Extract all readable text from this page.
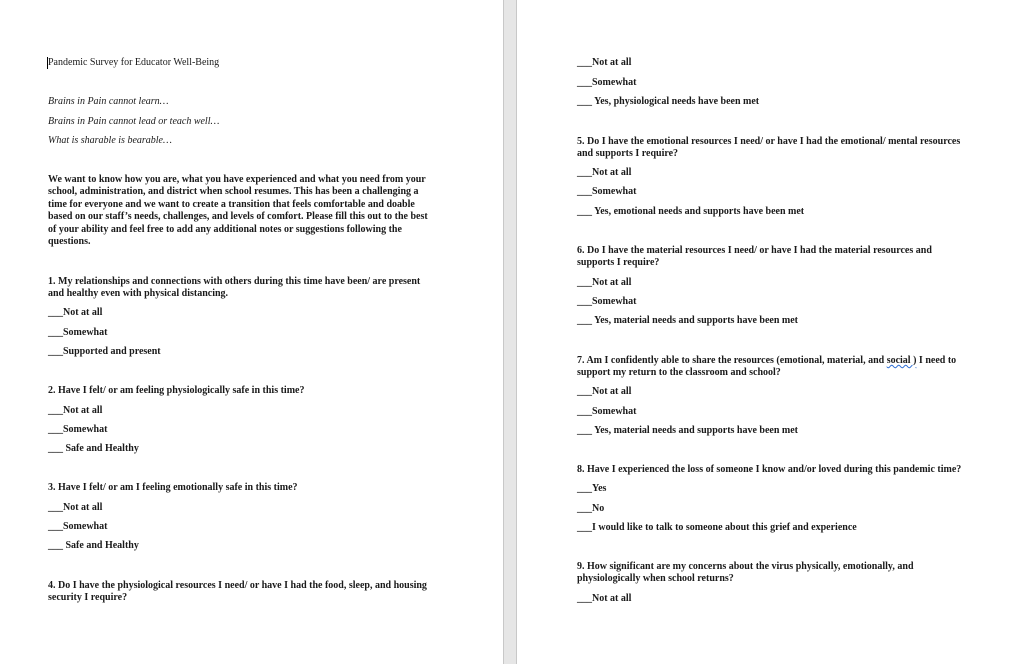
Pandemic Survey for Educator Well-Being
Brains in Pain cannot learn…
Brains in Pain cannot lead or teach well…
What is sharable is bearable…
We want to know how you are, what you have experienced and what you need from your
school, administration, and district when school resumes. This has been a challenging a
time for everyone and we want to create a transition that feels comfortable and doable
based on our staff’s needs, challenges, and levels of comfort. Please fill this out to the best
of your ability and feel free to add any additional notes or suggestions following the
questions.
1. My relationships and connections with others during this time have been/ are present
and healthy even with physical distancing.
___Not at all
___Somewhat
___Supported and present
2. Have I felt/ or am feeling physiologically safe in this time?
___Not at all
___Somewhat
___ Safe and Healthy
3. Have I felt/ or am I feeling emotionally safe in this time?
___Not at all
___Somewhat
___ Safe and Healthy
4. Do I have the physiological resources I need/ or have I had the food, sleep, and housing
security I require?
___Not at all
___Somewhat
___ Yes, physiological needs have been met
5. Do I have the emotional resources I need/ or have I had the emotional/ mental resources
and supports I require?
___Not at all
___Somewhat
___ Yes, emotional needs and supports have been met
6. Do I have the material resources I need/ or have I had the material resources and
supports I require?
___Not at all
___Somewhat
___ Yes, material needs and supports have been met
7. Am I confidently able to share the resources (emotional, material, and social ) I need to
support my return to the classroom and school?
___Not at all
___Somewhat
___ Yes, material needs and supports have been met
8. Have I experienced the loss of someone I know and/or loved during this pandemic time?
___Yes
___No
___I would like to talk to someone about this grief and experience
9. How significant are my concerns about the virus physically, emotionally, and
physiologically when school returns?
___Not at all
